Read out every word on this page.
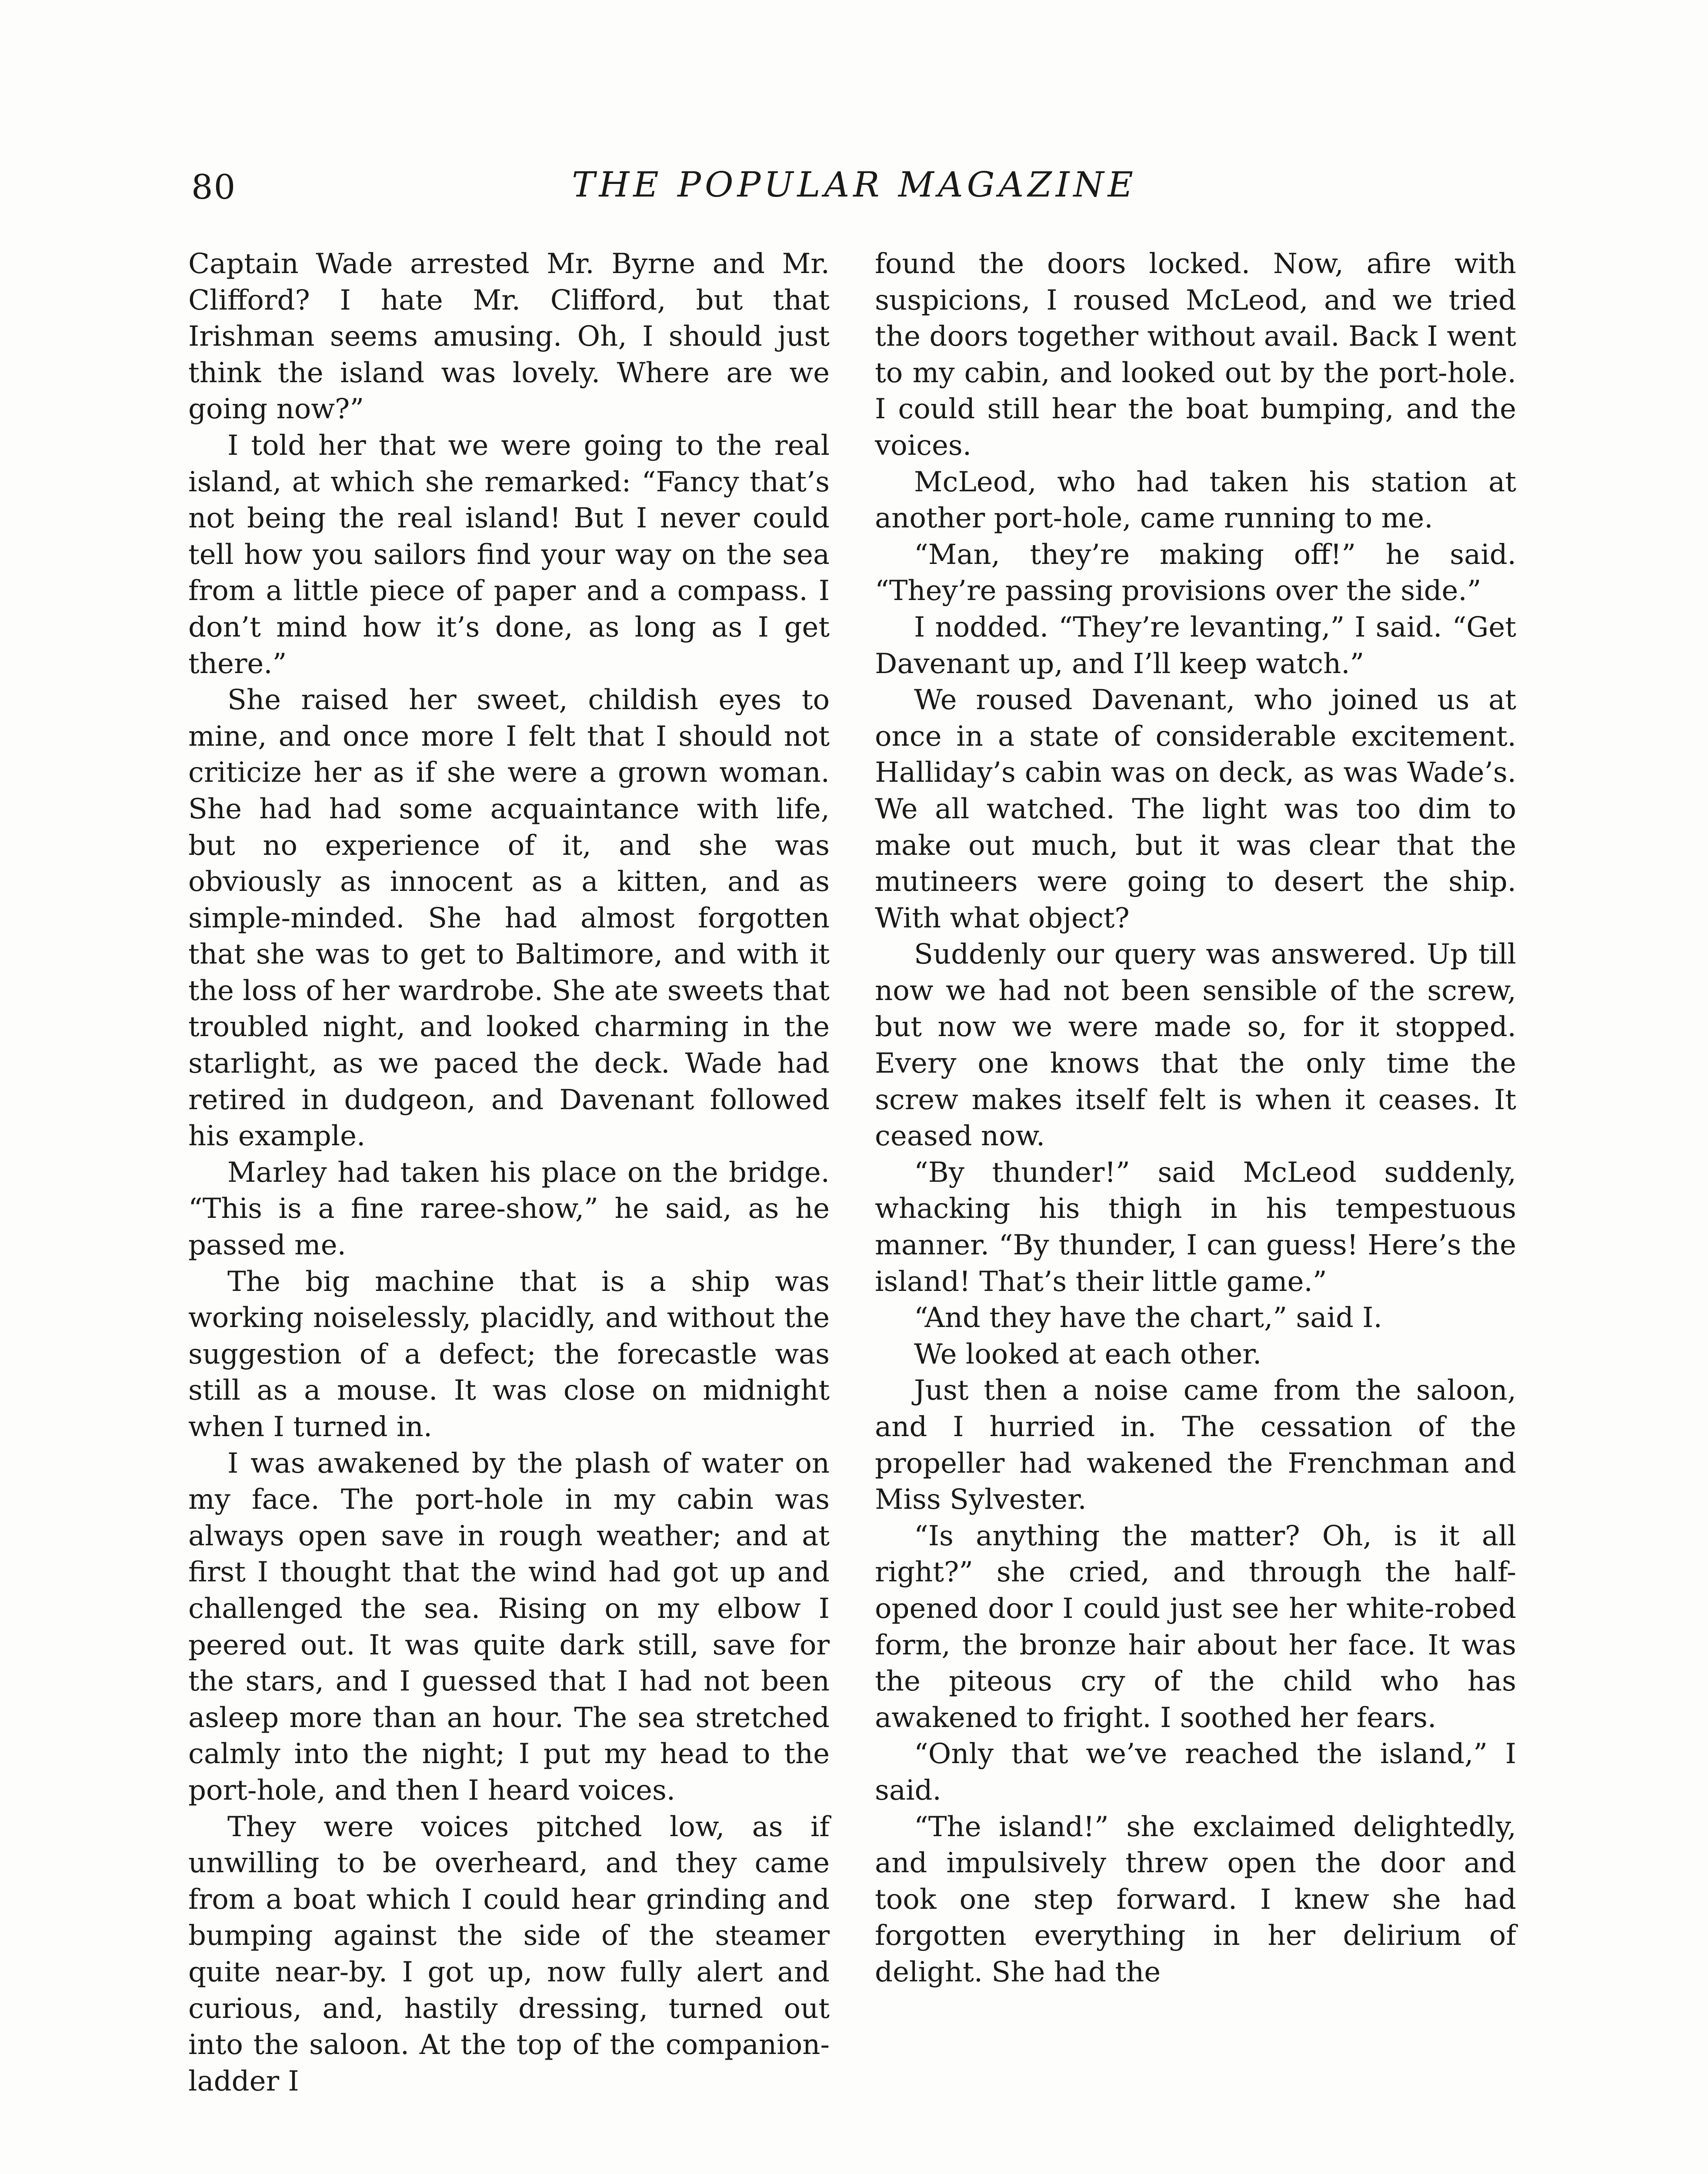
80	THE POPULAR MAGAZINE

Captain Wade arrested Mr. Byrne and Mr. Clifford? I hate Mr. Clifford, but that Irishman seems amusing. Oh, I should just think the island was lovely. Where are we going now?”

I told her that we were going to the real island, at which she remarked: “Fancy that’s not being the real island! But I never could tell how you sailors find your way on the sea from a little piece of paper and a compass. I don’t mind how it’s done, as long as I get there.”

She raised her sweet, childish eyes to mine, and once more I felt that I should not criticize her as if she were a grown woman. She had had some acquaintance with life, but no experience of it, and she was obviously as innocent as a kitten, and as simple-minded. She had almost forgotten that she was to get to Baltimore, and with it the loss of her wardrobe. She ate sweets that troubled night, and looked charming in the starlight, as we paced the deck. Wade had retired in dudgeon, and Davenant followed his example.

Marley had taken his place on the bridge. “This is a fine raree-show,” he said, as he passed me.

The big machine that is a ship was working noiselessly, placidly, and without the suggestion of a defect; the forecastle was still as a mouse. It was close on midnight when I turned in.

I was awakened by the plash of water on my face. The port-hole in my cabin was always open save in rough weather; and at first I thought that the wind had got up and challenged the sea. Rising on my elbow I peered out. It was quite dark still, save for the stars, and I guessed that I had not been asleep more than an hour. The sea stretched calmly into the night; I put my head to the port-hole, and then I heard voices.

They were voices pitched low, as if unwilling to be overheard, and they came from a boat which I could hear grinding and bumping against the side of the steamer quite near-by. I got up, now fully alert and curious, and, hastily dressing, turned out into the saloon. At the top of the companion-ladder I

found the doors locked. Now, afire with suspicions, I roused McLeod, and we tried the doors together without avail. Back I went to my cabin, and looked out by the port-hole. I could still hear the boat bumping, and the voices.

McLeod, who had taken his station at another port-hole, came running to me.

“Man, they’re making off!” he said. “They’re passing provisions over the side.”

I nodded. “They’re levanting,” I said. “Get Davenant up, and I’ll keep watch.”

We roused Davenant, who joined us at once in a state of considerable excitement. Halliday’s cabin was on deck, as was Wade’s. We all watched. The light was too dim to make out much, but it was clear that the mutineers were going to desert the ship. With what object?

Suddenly our query was answered. Up till now we had not been sensible of the screw, but now we were made so, for it stopped. Every one knows that the only time the screw makes itself felt is when it ceases. It ceased now.

“By thunder!” said McLeod suddenly, whacking his thigh in his tempestuous manner. “By thunder, I can guess! Here’s the island! That’s their little game.”

“And they have the chart,” said I.

We looked at each other.

Just then a noise came from the saloon, and I hurried in. The cessation of the propeller had wakened the Frenchman and Miss Sylvester.

“Is anything the matter? Oh, is it all right?” she cried, and through the half-opened door I could just see her white-robed form, the bronze hair about her face. It was the piteous cry of the child who has awakened to fright. I soothed her fears.

“Only that we’ve reached the island,” I said.

“The island!” she exclaimed delightedly, and impulsively threw open the door and took one step forward. I knew she had forgotten everything in her delirium of delight. She had the
